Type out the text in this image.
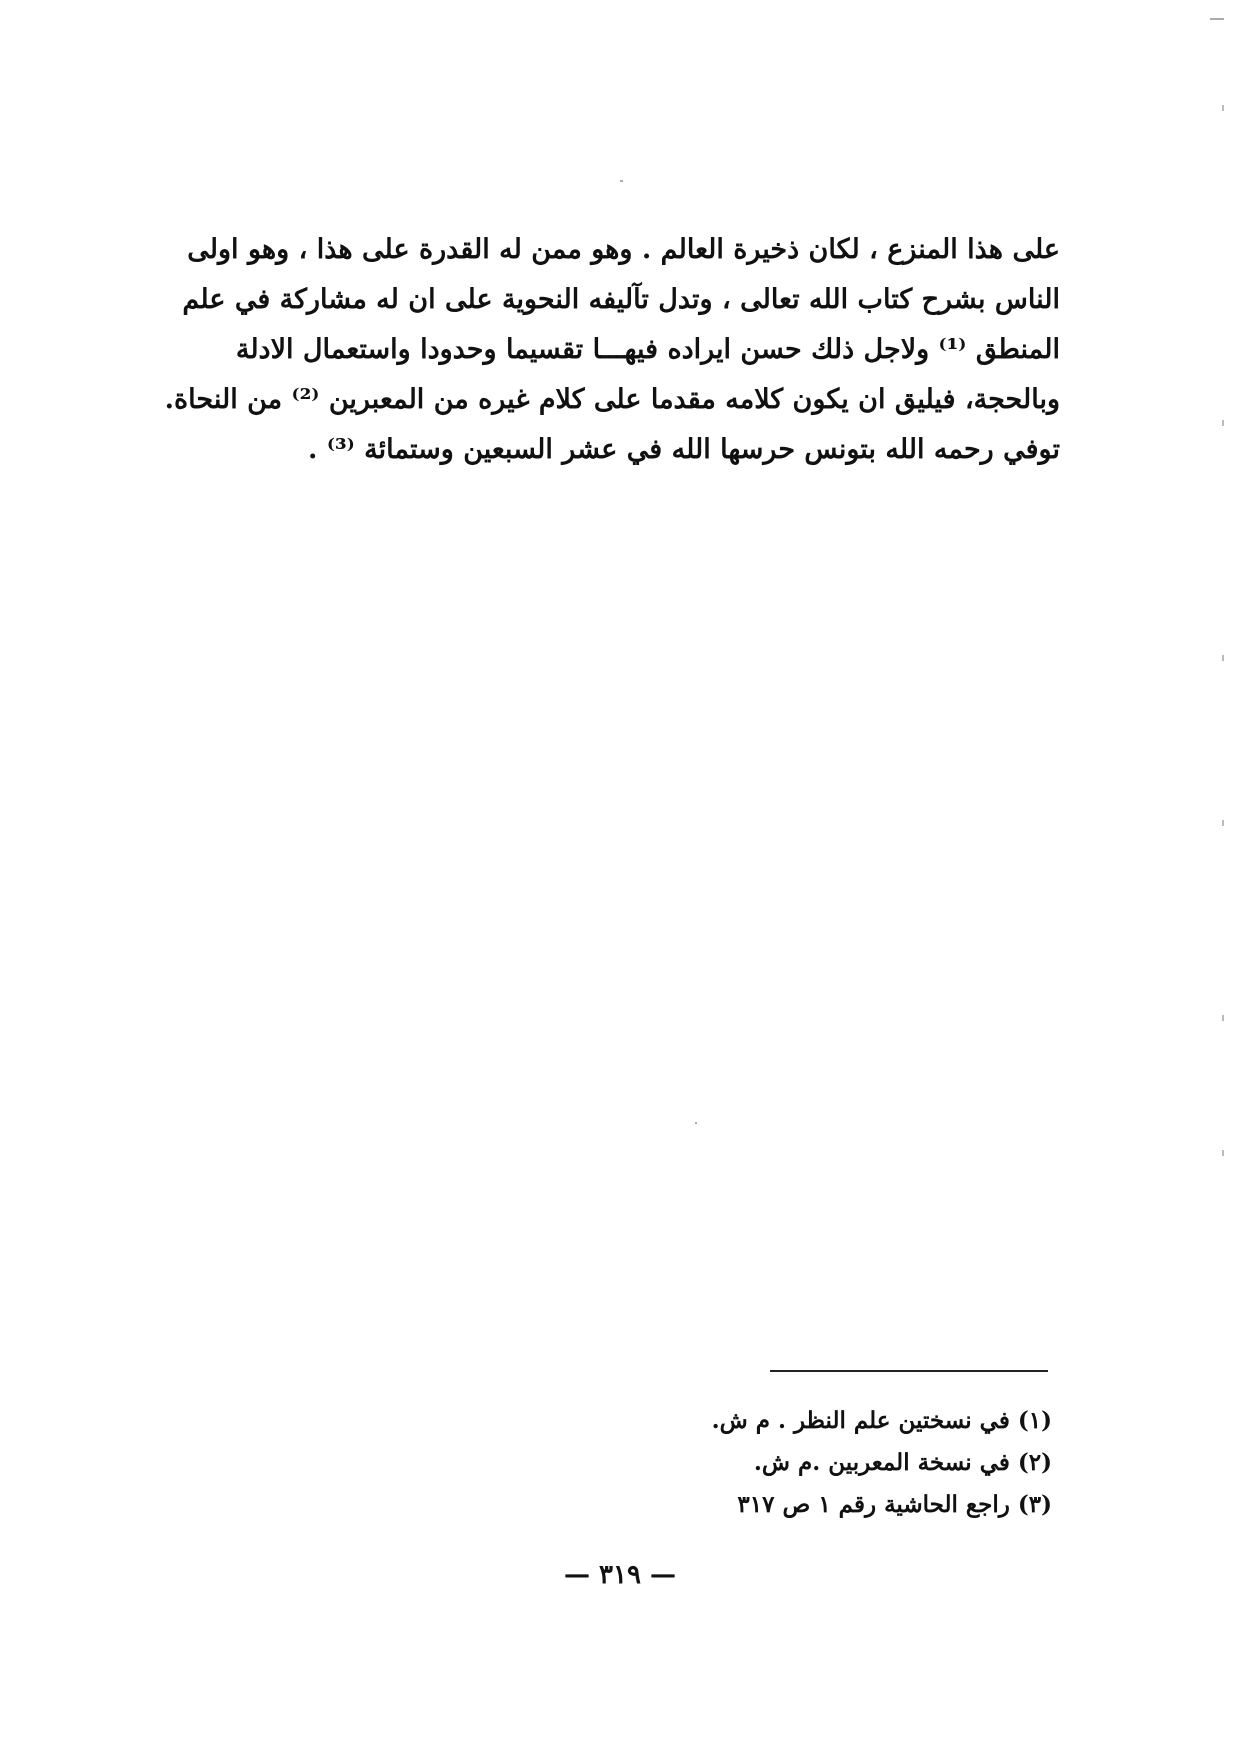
على هذا المنزع ، لكان ذخيرة العالم . وهو ممن له القدرة على هذا ، وهو اولى
الناس بشرح كتاب الله تعالى ، وتدل تآليفه النحوية على ان له مشاركة في علم
المنطق ⁽¹⁾ ولاجل ذلك حسن ايراده فيهـــا تقسيما وحدودا واستعمال الادلة
وبالحجة، فيليق ان يكون كلامه مقدما على كلام غيره من المعبرين ⁽²⁾ من النحاة.
توفي رحمه الله بتونس حرسها الله في عشر السبعين وستمائة ⁽³⁾ .
(١) في نسختين علم النظر . م ش.
(٢) في نسخة المعربين .م ش.
(٣) راجع الحاشية رقم ١ ص ٣١٧
— ٣١٩ —
